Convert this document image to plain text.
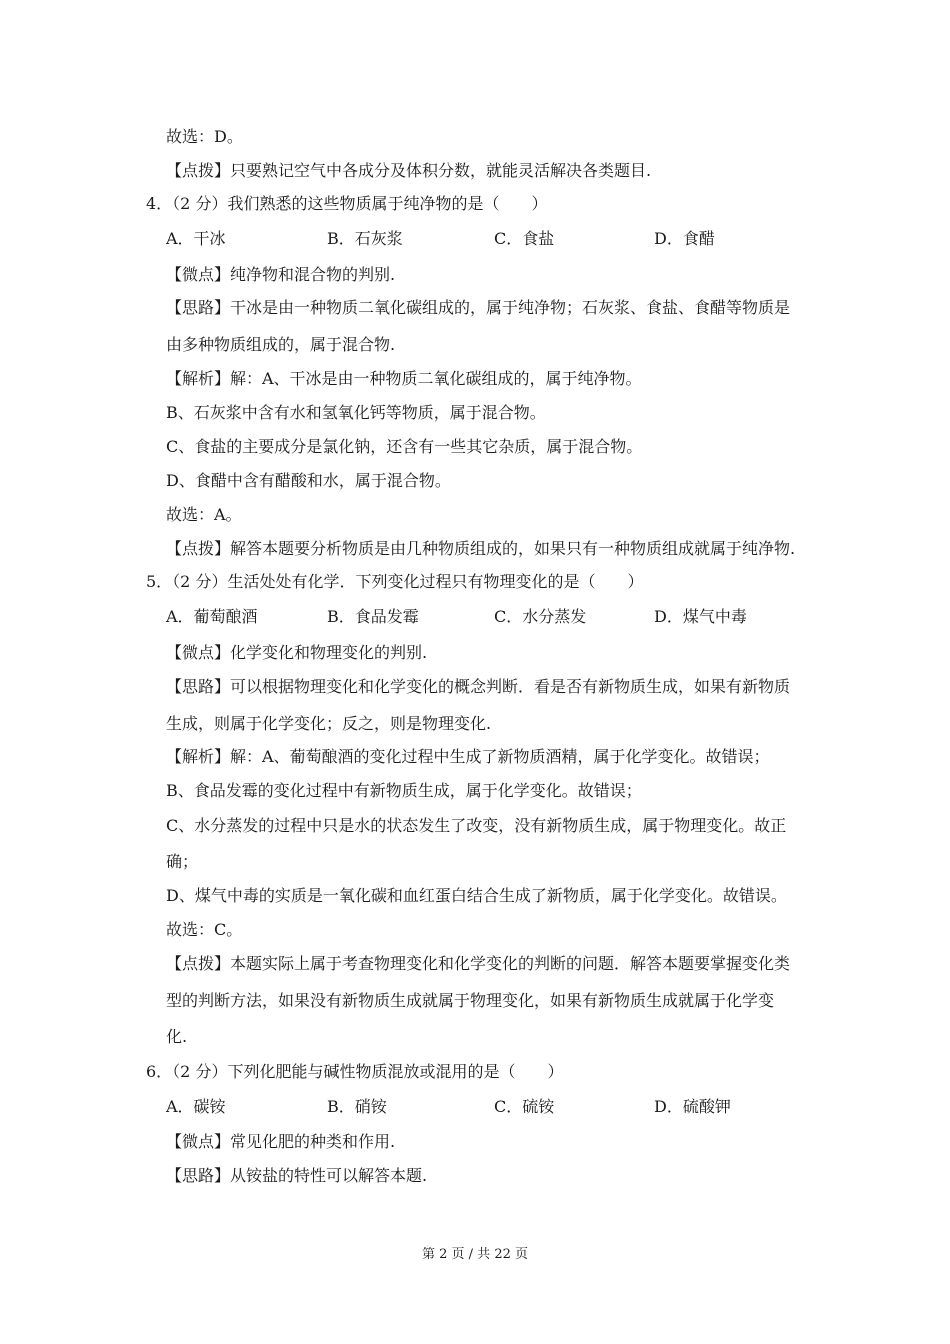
故选：D。
【点拨】只要熟记空气中各成分及体积分数，就能灵活解决各类题目.
4．（2 分）我们熟悉的这些物质属于纯净物的是（　　）
A．干冰	B．石灰浆	C．食盐	D．食醋
【微点】纯净物和混合物的判别.
【思路】干冰是由一种物质二氧化碳组成的，属于纯净物；石灰浆、食盐、食醋等物质是
由多种物质组成的，属于混合物.
【解析】解：A、干冰是由一种物质二氧化碳组成的，属于纯净物。
B、石灰浆中含有水和氢氧化钙等物质，属于混合物。
C、食盐的主要成分是氯化钠，还含有一些其它杂质，属于混合物。
D、食醋中含有醋酸和水，属于混合物。
故选：A。
【点拨】解答本题要分析物质是由几种物质组成的，如果只有一种物质组成就属于纯净物.
5．（2 分）生活处处有化学．下列变化过程只有物理变化的是（　　）
A．葡萄酿酒	B．食品发霉	C．水分蒸发	D．煤气中毒
【微点】化学变化和物理变化的判别.
【思路】可以根据物理变化和化学变化的概念判断．看是否有新物质生成，如果有新物质
生成，则属于化学变化；反之，则是物理变化.
【解析】解：A、葡萄酿酒的变化过程中生成了新物质酒精，属于化学变化。故错误；
B、食品发霉的变化过程中有新物质生成，属于化学变化。故错误；
C、水分蒸发的过程中只是水的状态发生了改变，没有新物质生成，属于物理变化。故正
确；
D、煤气中毒的实质是一氧化碳和血红蛋白结合生成了新物质，属于化学变化。故错误。
故选：C。
【点拨】本题实际上属于考查物理变化和化学变化的判断的问题．解答本题要掌握变化类
型的判断方法，如果没有新物质生成就属于物理变化，如果有新物质生成就属于化学变
化.
6．（2 分）下列化肥能与碱性物质混放或混用的是（　　）
A．碳铵	B．硝铵	C．硫铵	D．硫酸钾
【微点】常见化肥的种类和作用.
【思路】从铵盐的特性可以解答本题.
第 2 页 / 共 22 页
